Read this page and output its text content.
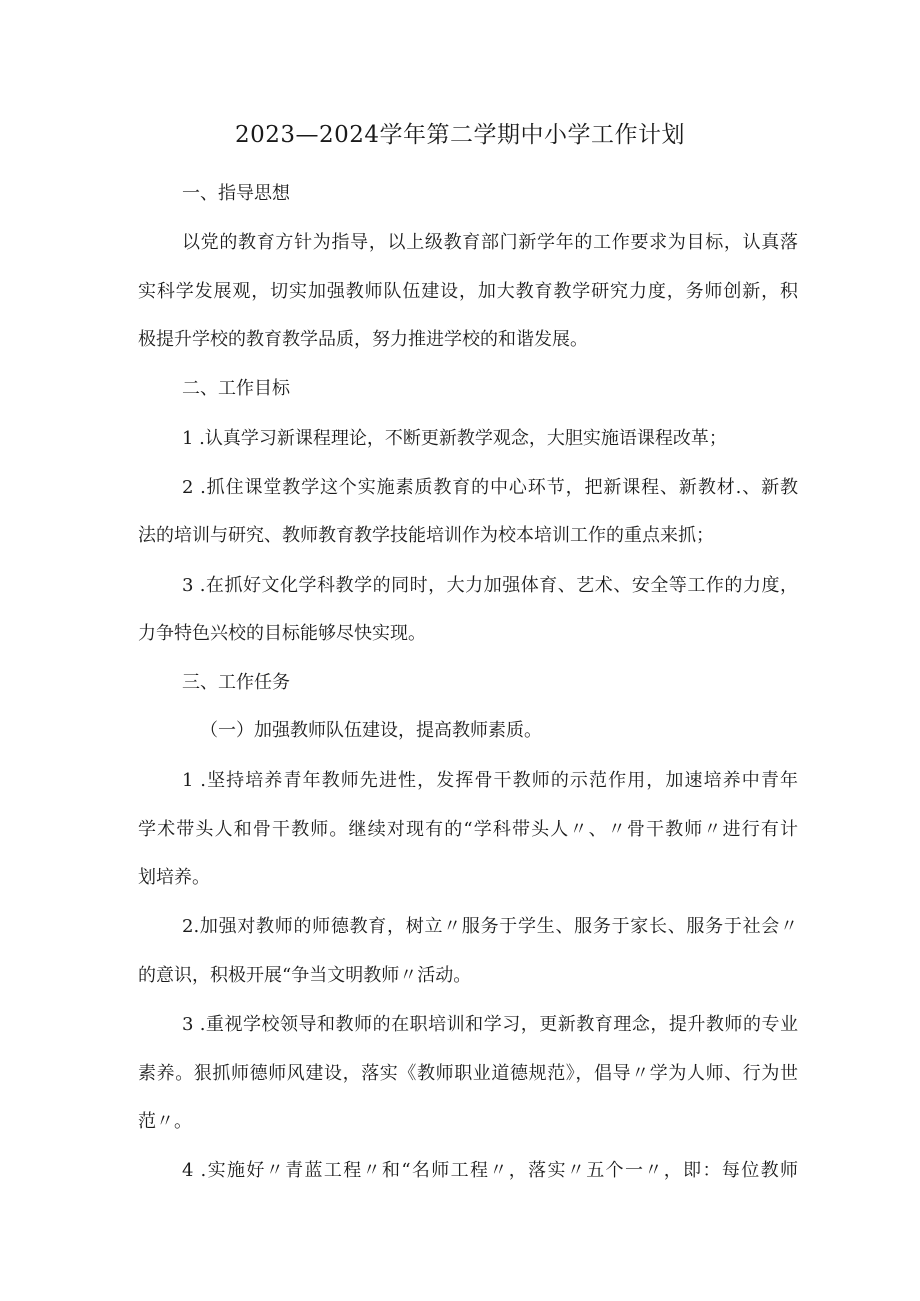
2023—2024学年第二学期中小学工作计划
一、指导思想
以党的教育方针为指导，以上级教育部门新学年的工作要求为目标，认真落
实科学发展观，切实加强教师队伍建设，加大教育教学研究力度，务师创新，积
极提升学校的教育教学品质，努力推进学校的和谐发展。
二、工作目标
1 .认真学习新课程理论，不断更新教学观念，大胆实施语课程改革；
2 .抓住课堂教学这个实施素质教育的中心环节，把新课程、新教材.、新教
法的培训与研究、教师教育教学技能培训作为校本培训工作的重点来抓；
3 .在抓好文化学科教学的同时，大力加强体育、艺术、安全等工作的力度，
力争特色兴校的目标能够尽快实现。
三、工作任务
（一）加强教师队伍建设，提高教师素质。
1 .坚持培养青年教师先进性，发挥骨干教师的示范作用，加速培养中青年
学术带头人和骨干教师。继续对现有的“学科带头人〃、〃骨干教师〃进行有计
划培养。
2.加强对教师的师德教育，树立〃服务于学生、服务于家长、服务于社会〃
的意识，积极开展“争当文明教师〃活动。
3 .重视学校领导和教师的在职培训和学习，更新教育理念，提升教师的专业
素养。狠抓师德师风建设，落实《教师职业道德规范》，倡导〃学为人师、行为世
范〃。
4 .实施好〃青蓝工程〃和“名师工程〃，落实〃五个一〃，即：每位教师
